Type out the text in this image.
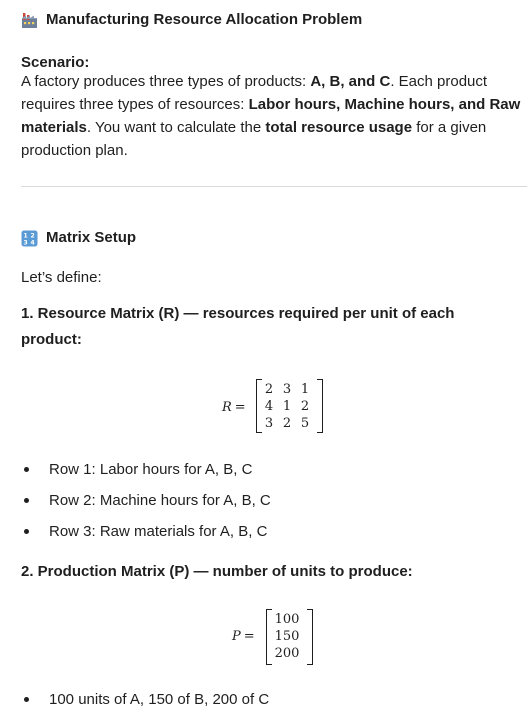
Manufacturing Resource Allocation Problem
Scenario:
A factory produces three types of products: A, B, and C. Each product requires three types of resources: Labor hours, Machine hours, and Raw materials. You want to calculate the total resource usage for a given production plan.
1 2
3 4 Matrix Setup
Let’s define:
1. Resource Matrix (R) — resources required per unit of each product:
R =
2 3 1
4 1 2
3 2 5
Row 1: Labor hours for A, B, C
Row 2: Machine hours for A, B, C
Row 3: Raw materials for A, B, C
2. Production Matrix (P) — number of units to produce:
P =
100
150
200
100 units of A, 150 of B, 200 of C
